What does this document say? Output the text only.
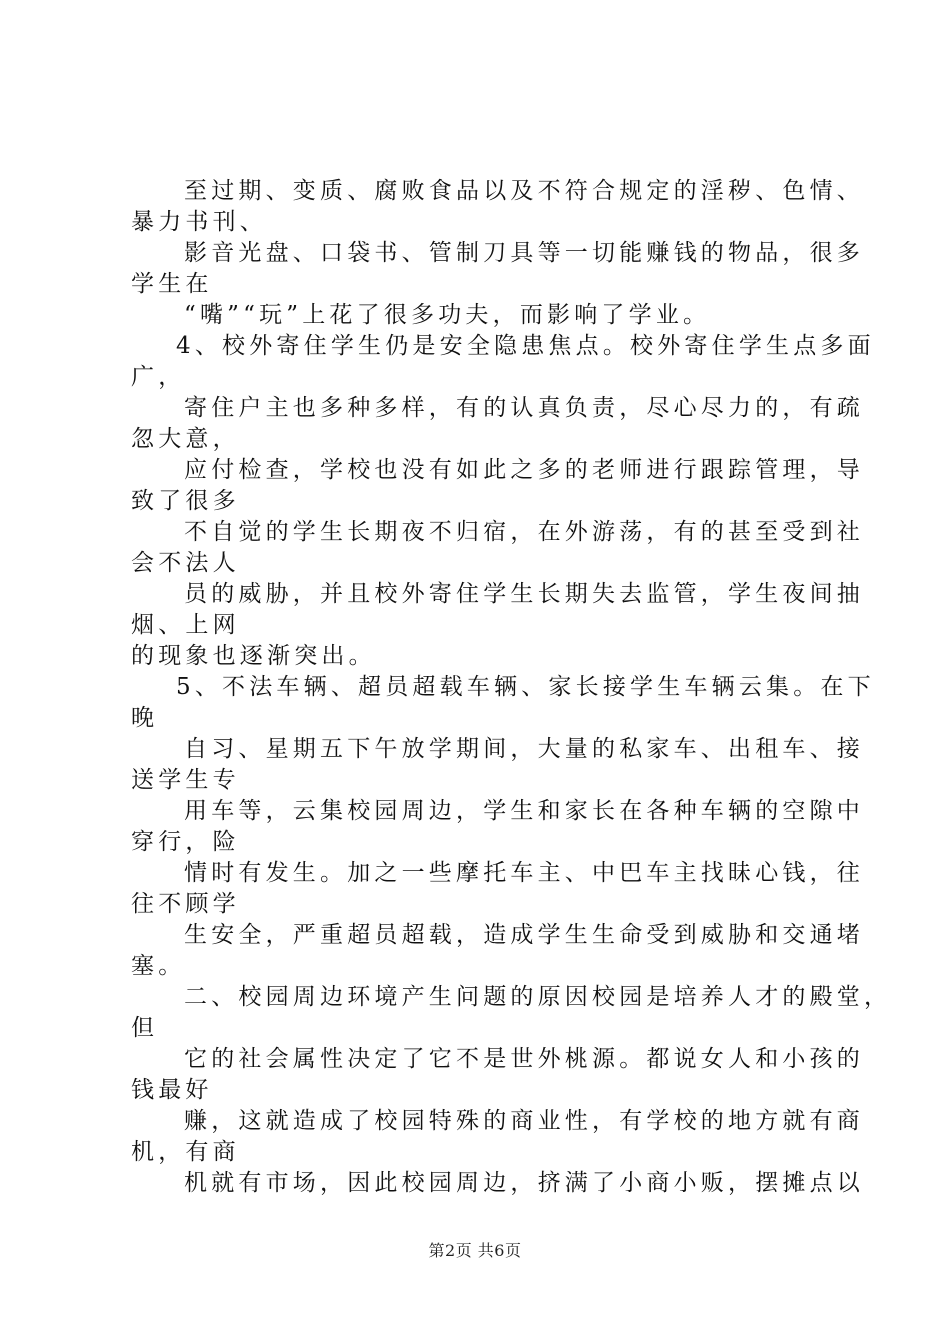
至过期、变质、腐败食品以及不符合规定的淫秽、色情、
暴力书刊、
影音光盘、口袋书、管制刀具等一切能赚钱的物品，很多
学生在
“嘴”“玩”上花了很多功夫，而影响了学业。
4、校外寄住学生仍是安全隐患焦点。校外寄住学生点多面
广，
寄住户主也多种多样，有的认真负责，尽心尽力的，有疏
忽大意，
应付检查，学校也没有如此之多的老师进行跟踪管理，导
致了很多
不自觉的学生长期夜不归宿，在外游荡，有的甚至受到社
会不法人
员的威胁，并且校外寄住学生长期失去监管，学生夜间抽
烟、上网
的现象也逐渐突出。
5、不法车辆、超员超载车辆、家长接学生车辆云集。在下
晚
自习、星期五下午放学期间，大量的私家车、出租车、接
送学生专
用车等，云集校园周边，学生和家长在各种车辆的空隙中
穿行，险
情时有发生。加之一些摩托车主、中巴车主找昧心钱，往
往不顾学
生安全，严重超员超载，造成学生生命受到威胁和交通堵
塞。
二、校园周边环境产生问题的原因校园是培养人才的殿堂，
但
它的社会属性决定了它不是世外桃源。都说女人和小孩的
钱最好
赚，这就造成了校园特殊的商业性，有学校的地方就有商
机，有商
机就有市场，因此校园周边，挤满了小商小贩，摆摊点以
第2页 共6页
